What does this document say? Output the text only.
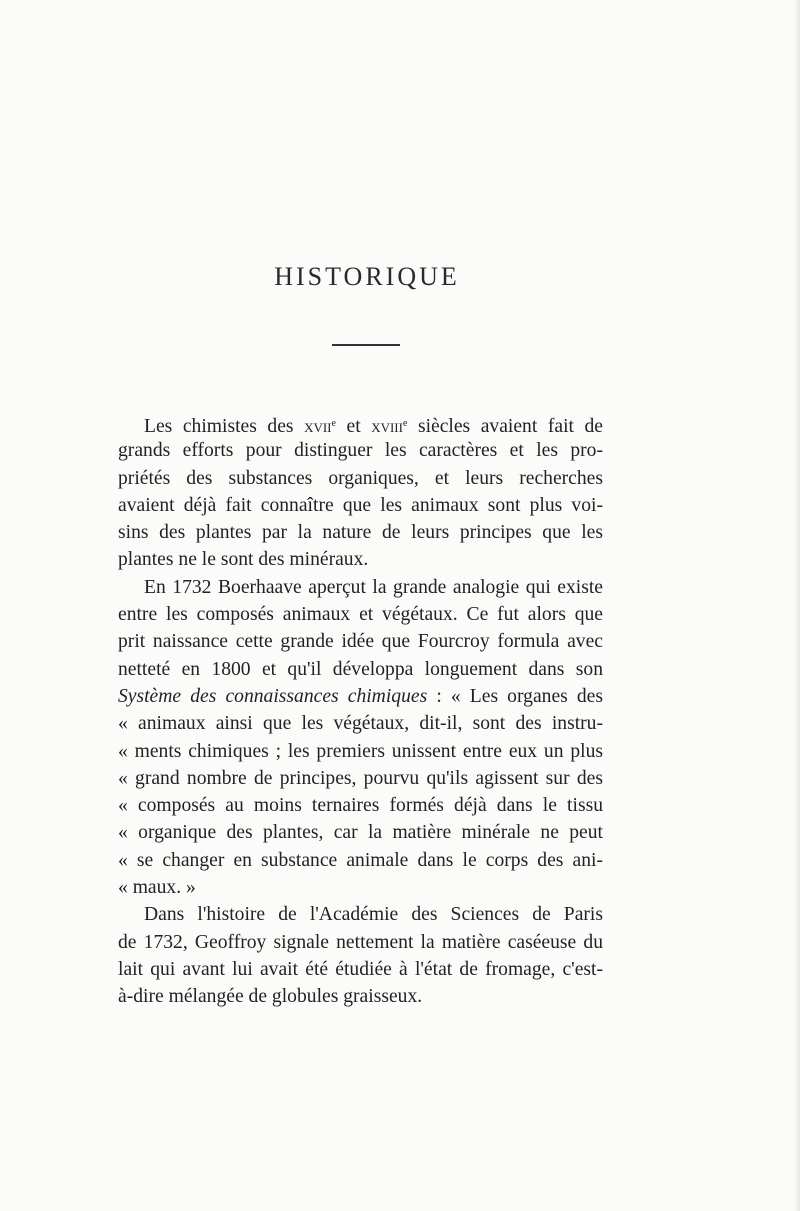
HISTORIQUE
Les chimistes des xvii$^e$ et xviii$^e$ siècles avaient fait de
grands efforts pour distinguer les caractères et les pro-
priétés des substances organiques, et leurs recherches
avaient déjà fait connaître que les animaux sont plus voi-
sins des plantes par la nature de leurs principes que les
plantes ne le sont des minéraux.
En 1732 Boerhaave aperçut la grande analogie qui existe
entre les composés animaux et végétaux. Ce fut alors que
prit naissance cette grande idée que Fourcroy formula avec
netteté en 1800 et qu'il développa longuement dans son
Système des connaissances chimiques : « Les organes des
« animaux ainsi que les végétaux, dit-il, sont des instru-
« ments chimiques ; les premiers unissent entre eux un plus
« grand nombre de principes, pourvu qu'ils agissent sur des
« composés au moins ternaires formés déjà dans le tissu
« organique des plantes, car la matière minérale ne peut
« se changer en substance animale dans le corps des ani-
« maux. »
Dans l'histoire de l'Académie des Sciences de Paris
de 1732, Geoffroy signale nettement la matière caséeuse du
lait qui avant lui avait été étudiée à l'état de fromage, c'est-
à-dire mélangée de globules graisseux.
